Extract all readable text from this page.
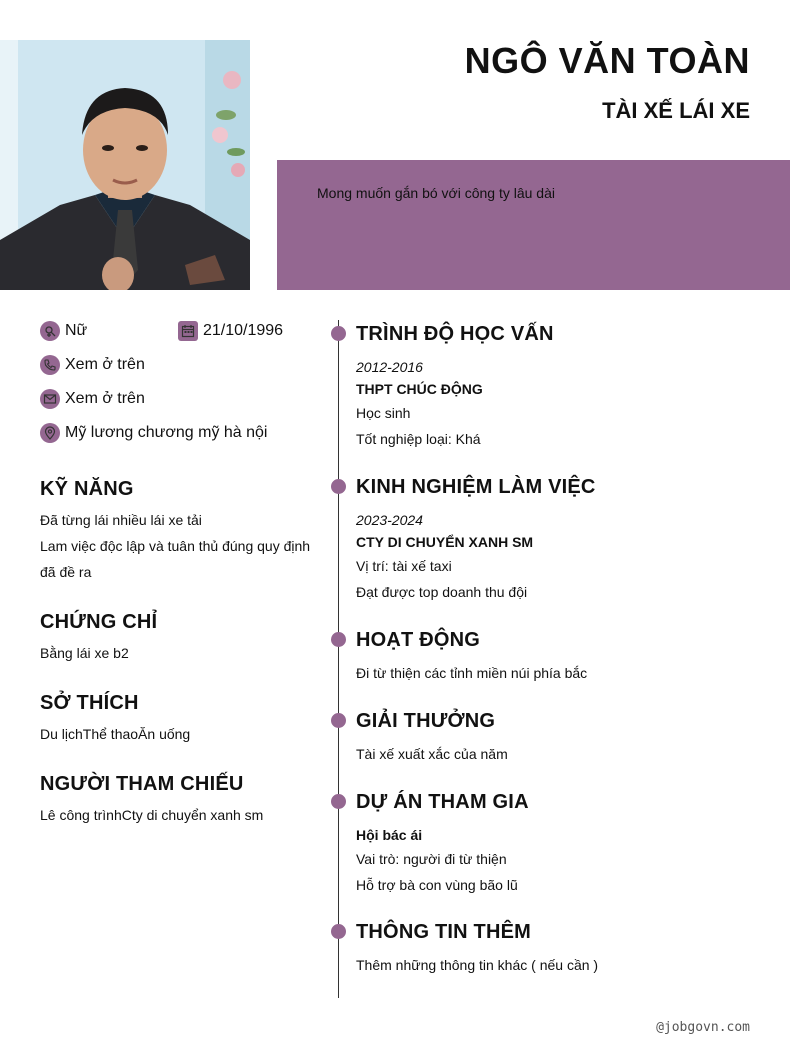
NGÔ VĂN TOÀN
TÀI XẾ LÁI XE
Mong muốn gắn bó với công ty lâu dài
Nữ	21/10/1996
Xem ở trên
Xem ở trên
Mỹ lương chương mỹ hà nội
KỸ NĂNG
Đã từng lái nhiều lái xe tải
Lam việc độc lập và tuân thủ đúng quy định
đã đề ra
CHỨNG CHỈ
Bằng lái xe b2
SỞ THÍCH
Du lịchThể thaoĂn uống
NGƯỜI THAM CHIẾU
Lê công trìnhCty di chuyển xanh sm
TRÌNH ĐỘ HỌC VẤN
2012-2016
THPT CHÚC ĐỘNG
Học sinh
Tốt nghiệp loại: Khá
KINH NGHIỆM LÀM VIỆC
2023-2024
CTY DI CHUYỂN XANH SM
Vị trí: tài xế taxi
Đạt được top doanh thu đội
HOẠT ĐỘNG
Đi từ thiện các tỉnh miền núi phía bắc
GIẢI THƯỞNG
Tài xế xuất xắc của năm
DỰ ÁN THAM GIA
Hội bác ái
Vai trò: người đi từ thiện
Hỗ trợ bà con vùng bão lũ
THÔNG TIN THÊM
Thêm những thông tin khác ( nếu cần )
@jobgovn.com
